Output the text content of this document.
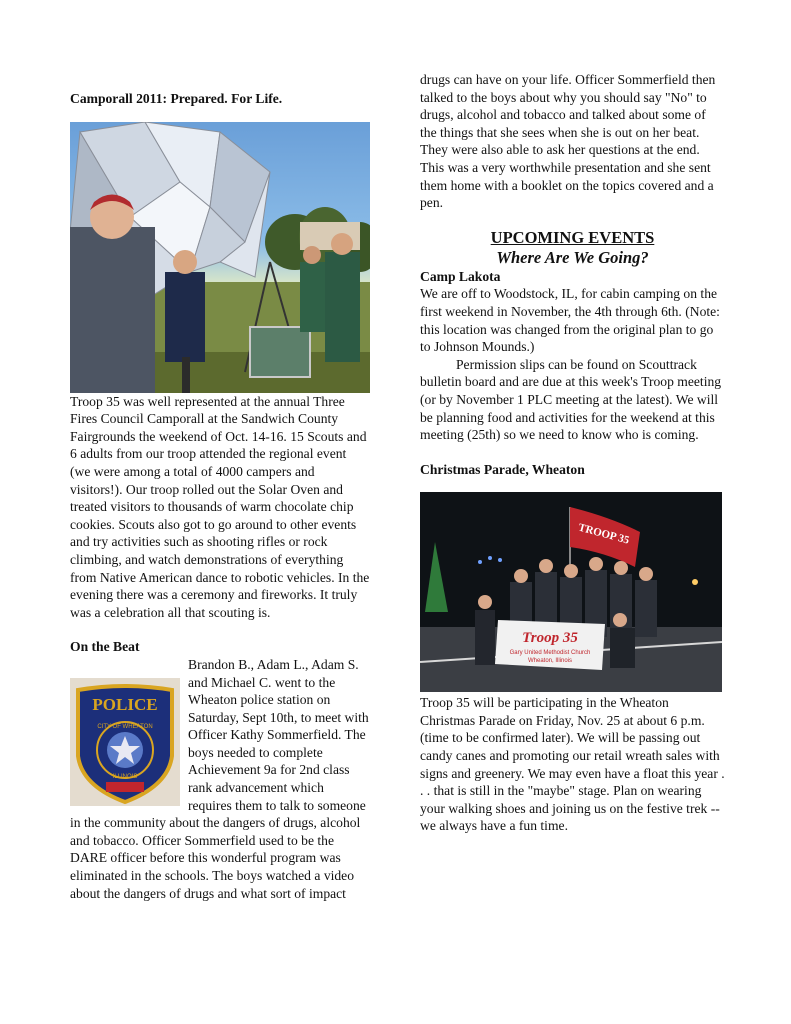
Camporall 2011: Prepared. For Life.

Troop 35 was well represented at the annual Three Fires Council Camporall at the Sandwich County Fairgrounds the weekend of Oct. 14-16. 15 Scouts and 6 adults from our troop attended the regional event (we were among a total of 4000 campers and visitors!). Our troop rolled out the Solar Oven and treated visitors to thousands of warm chocolate chip cookies. Scouts also got to go around to other events and try activities such as shooting rifles or rock climbing, and watch demonstrations of everything from Native American dance to robotic vehicles. In the evening there was a ceremony and fireworks. It truly was a celebration all that scouting is.

On the Beat

POLICE
CITY OF WHEATON
ILLINOIS

Brandon B., Adam L., Adam S. and Michael C. went to the Wheaton police station on Saturday, Sept 10th, to meet with Officer Kathy Sommerfield. The boys needed to complete Achievement 9a for 2nd class rank advancement which requires them to talk to someone in the community about the dangers of drugs, alcohol and tobacco. Officer Sommerfield used to be the DARE officer before this wonderful program was eliminated in the schools. The boys watched a video about the dangers of drugs and what sort of impact

drugs can have on your life. Officer Sommerfield then talked to the boys about why you should say "No" to drugs, alcohol and tobacco and talked about some of the things that she sees when she is out on her beat. They were also able to ask her questions at the end. This was a very worthwhile presentation and she sent them home with a booklet on the topics covered and a pen.

UPCOMING EVENTS

Where Are We Going?

Camp Lakota

We are off to Woodstock, IL, for cabin camping on the first weekend in November, the 4th through 6th. (Note: this location was changed from the original plan to go to Johnson Mounds.)

Permission slips can be found on Scouttrack bulletin board and are due at this week's Troop meeting (or by November 1 PLC meeting at the latest). We will be planning food and activities for the weekend at this meeting (25th) so we need to know who is coming.

Christmas Parade, Wheaton

TROOP 35
Troop 35
Gary United Methodist Church
Wheaton, Illinois

Troop 35 will be participating in the Wheaton Christmas Parade on Friday, Nov. 25 at about 6 p.m. (time to be confirmed later). We will be passing out candy canes and promoting our retail wreath sales with signs and greenery. We may even have a float this year . . . that is still in the "maybe" stage. Plan on wearing your walking shoes and joining us on the festive trek --we always have a fun time.
